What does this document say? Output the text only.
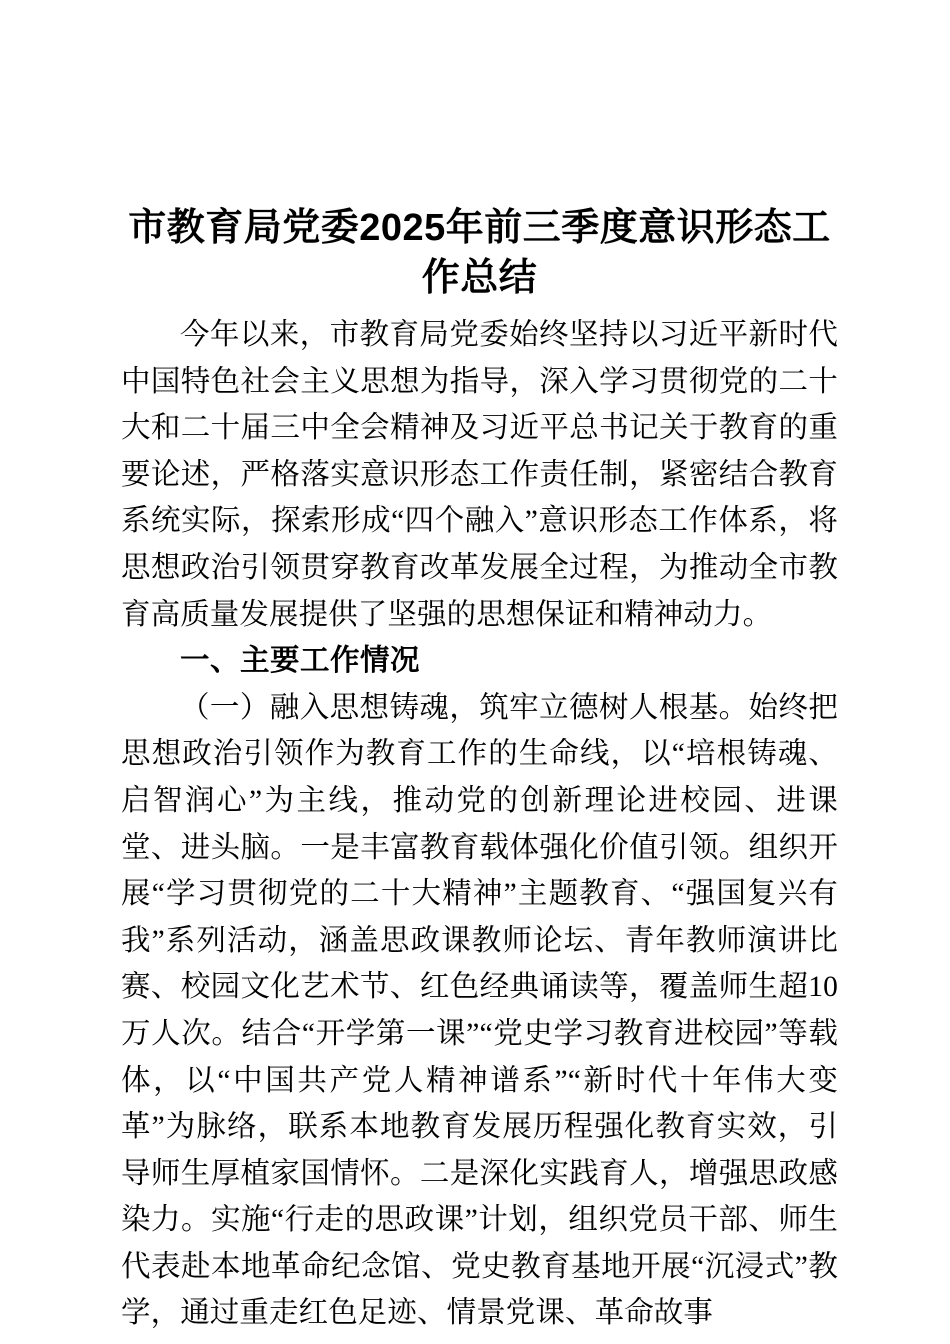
市教育局党委2025年前三季度意识形态工作总结

今年以来，市教育局党委始终坚持以习近平新时代中国特色社会主义思想为指导，深入学习贯彻党的二十大和二十届三中全会精神及习近平总书记关于教育的重要论述，严格落实意识形态工作责任制，紧密结合教育系统实际，探索形成“四个融入”意识形态工作体系，将思想政治引领贯穿教育改革发展全过程，为推动全市教育高质量发展提供了坚强的思想保证和精神动力。

一、主要工作情况

（一）融入思想铸魂，筑牢立德树人根基。始终把思想政治引领作为教育工作的生命线，以“培根铸魂、启智润心”为主线，推动党的创新理论进校园、进课堂、进头脑。一是丰富教育载体强化价值引领。组织开展“学习贯彻党的二十大精神”主题教育、“强国复兴有我”系列活动，涵盖思政课教师论坛、青年教师演讲比赛、校园文化艺术节、红色经典诵读等，覆盖师生超10万人次。结合“开学第一课”“党史学习教育进校园”等载体，以“中国共产党人精神谱系”“新时代十年伟大变革”为脉络，联系本地教育发展历程强化教育实效，引导师生厚植家国情怀。二是深化实践育人，增强思政感染力。实施“行走的思政课”计划，组织党员干部、师生代表赴本地革命纪念馆、党史教育基地开展“沉浸式”教学，通过重走红色足迹、情景党课、革命故事
